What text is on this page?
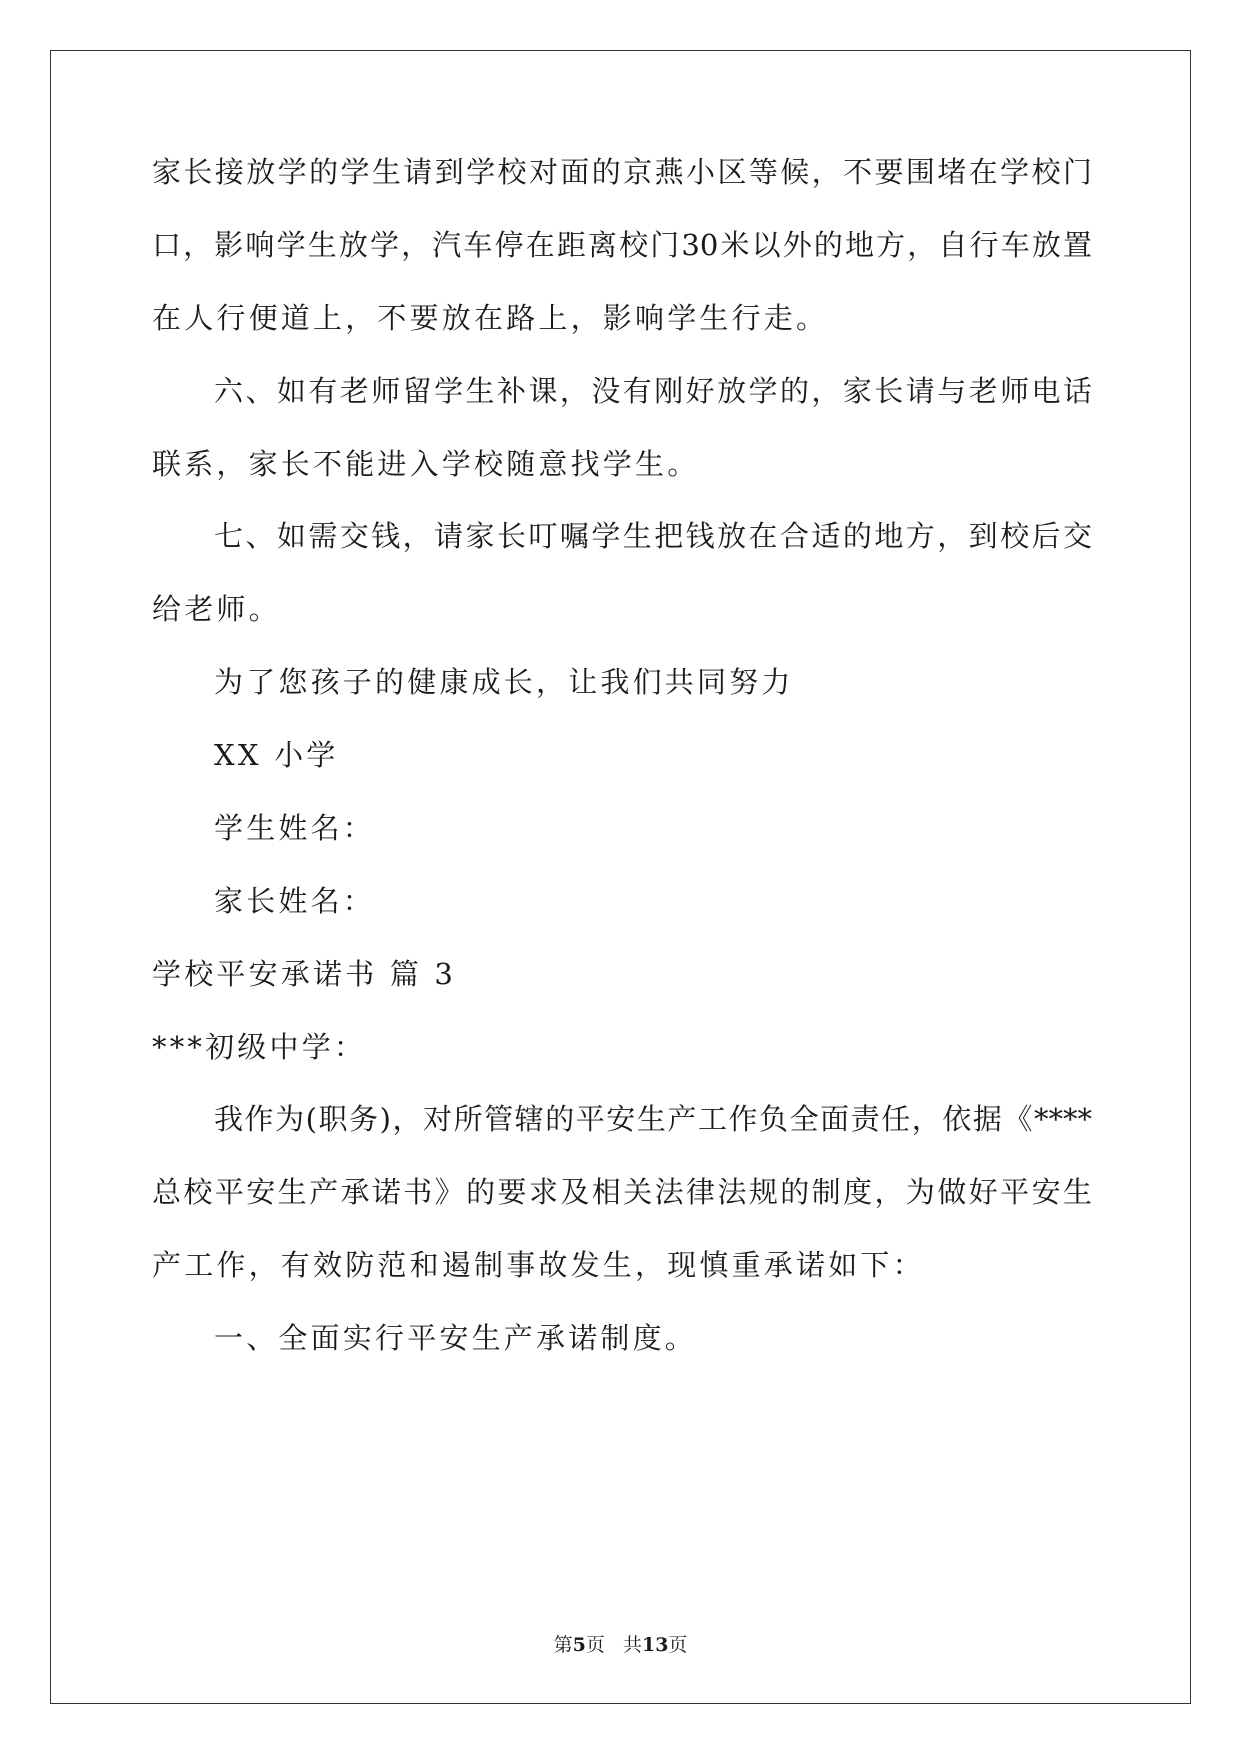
家长接放学的学生请到学校对面的京燕小区等候，不要围堵在学校门
口，影响学生放学，汽车停在距离校门30米以外的地方，自行车放置
在人行便道上，不要放在路上，影响学生行走。
六、如有老师留学生补课，没有刚好放学的，家长请与老师电话
联系，家长不能进入学校随意找学生。
七、如需交钱，请家长叮嘱学生把钱放在合适的地方，到校后交
给老师。
为了您孩子的健康成长，让我们共同努力
XX 小学
学生姓名：
家长姓名：
学校平安承诺书 篇 3
***初级中学：
我作为(职务)，对所管辖的平安生产工作负全面责任，依据《****
总校平安生产承诺书》的要求及相关法律法规的制度，为做好平安生
产工作，有效防范和遏制事故发生，现慎重承诺如下：
一、全面实行平安生产承诺制度。
第5页 共13页
